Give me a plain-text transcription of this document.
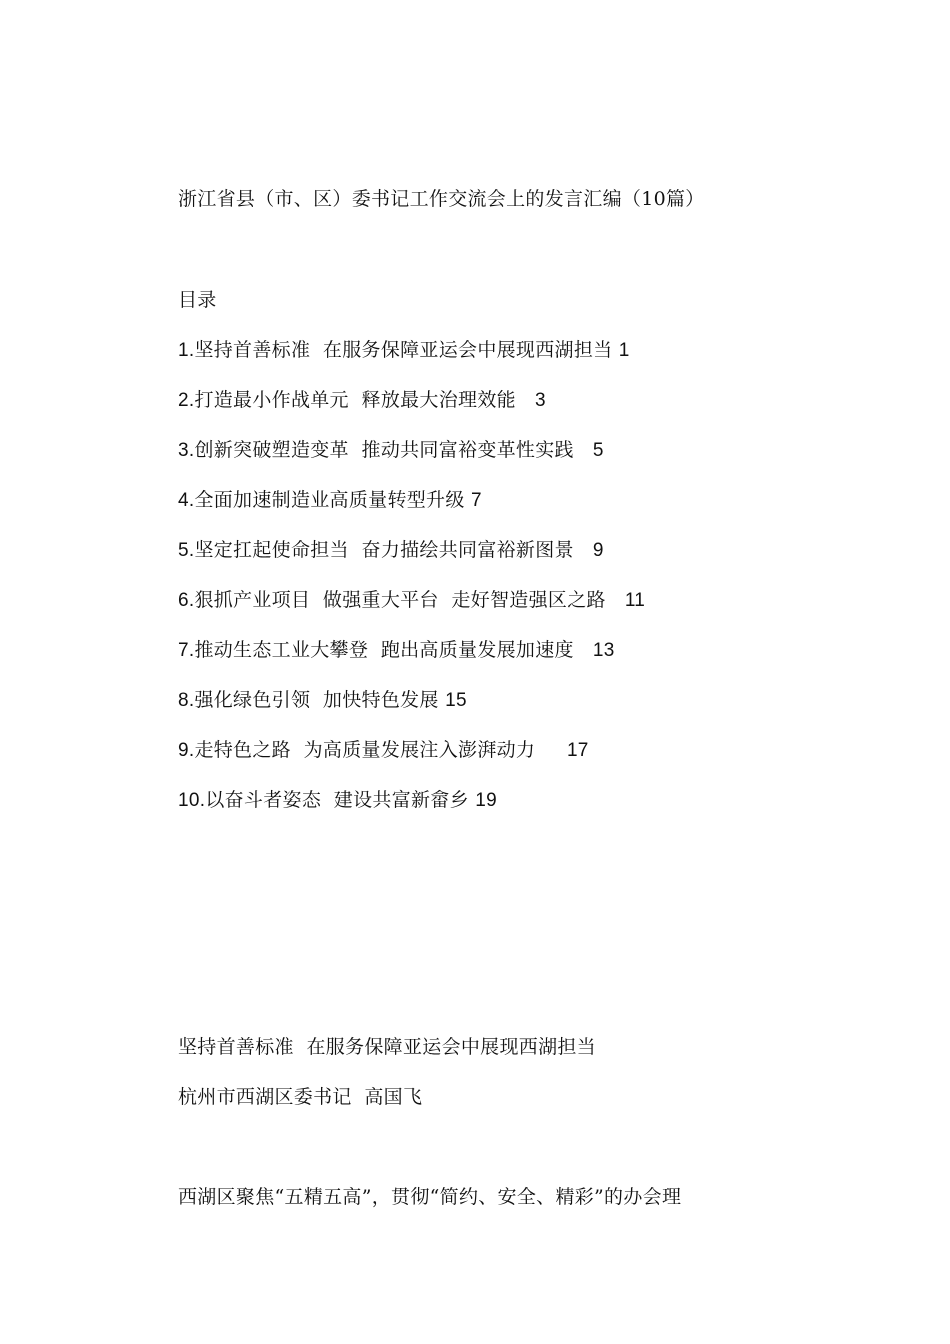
浙江省县（市、区）委书记工作交流会上的发言汇编（10篇）
目录
1.坚持首善标准  在服务保障亚运会中展现西湖担当 1
2.打造最小作战单元  释放最大治理效能   3
3.创新突破塑造变革  推动共同富裕变革性实践   5
4.全面加速制造业高质量转型升级 7
5.坚定扛起使命担当  奋力描绘共同富裕新图景   9
6.狠抓产业项目  做强重大平台  走好智造强区之路   11
7.推动生态工业大攀登  跑出高质量发展加速度   13
8.强化绿色引领  加快特色发展 15
9.走特色之路  为高质量发展注入澎湃动力     17
10.以奋斗者姿态  建设共富新畲乡 19
坚持首善标准  在服务保障亚运会中展现西湖担当
杭州市西湖区委书记  高国飞
西湖区聚焦“五精五高”，贯彻“简约、安全、精彩”的办会理
